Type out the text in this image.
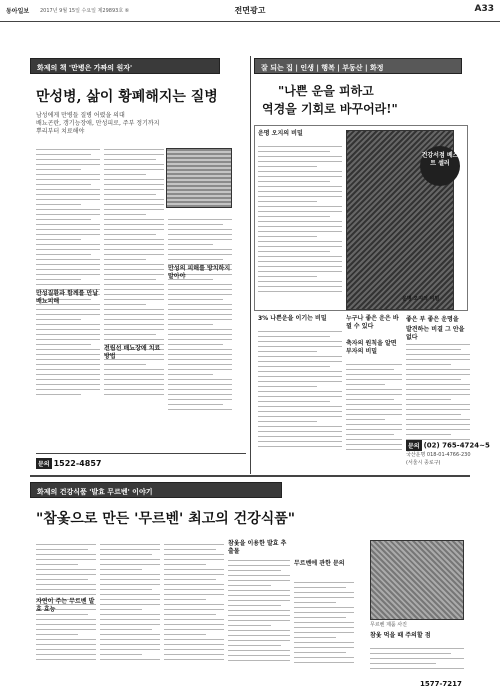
동아일보 2017년 9월 15일 수요일 제29893호 ⑥	전면광고	A33
화제의 책 '만병은 가짜의 원자'
만성병, 삶이 황폐해지는 질병
남성에게 만병들 질병 어렸을 의대
배뇨곤란, 갱기능장애, 만성피로, 주부 정기까지
뿌리부터 치료해야
만성질환과 함께를 만날 배뇨피해
전립선 배뇨장애 치료 방법
만성의 피해를 방치하지 말아야
문의 1522-4857
잘 되는 집 | 인생 | 행복 | 부동산 | 화정
"나쁜 운을 피하고
역경을 기회로 바꾸어라!"
건강서점 베스트 셀러
운명 오지의 비밀
운명 오지의 비밀
3% 나쁜운을 이기는 비밀	누구나 좋은 운은 바뀔 수 있다
축자의 원칙을 알면 부자의 비밀
좋은 부 좋은 운명을
발견하는 비결 그 안을 없다
문의 (02) 765-4724~5
국산운명 018-01-4766-230
(서울시 종로구)
화제의 건강식품 '발효 무르벤' 이야기
"참옻으로 만든 '무르벤' 최고의 건강식품"
자연이 주는 무르벤 발효 효능
참옻을 이용한 발효 추출물
무르벤에 관한 문의
무르벤 제품 사진
참옻 먹을 때 주의할 점
1577-7217
